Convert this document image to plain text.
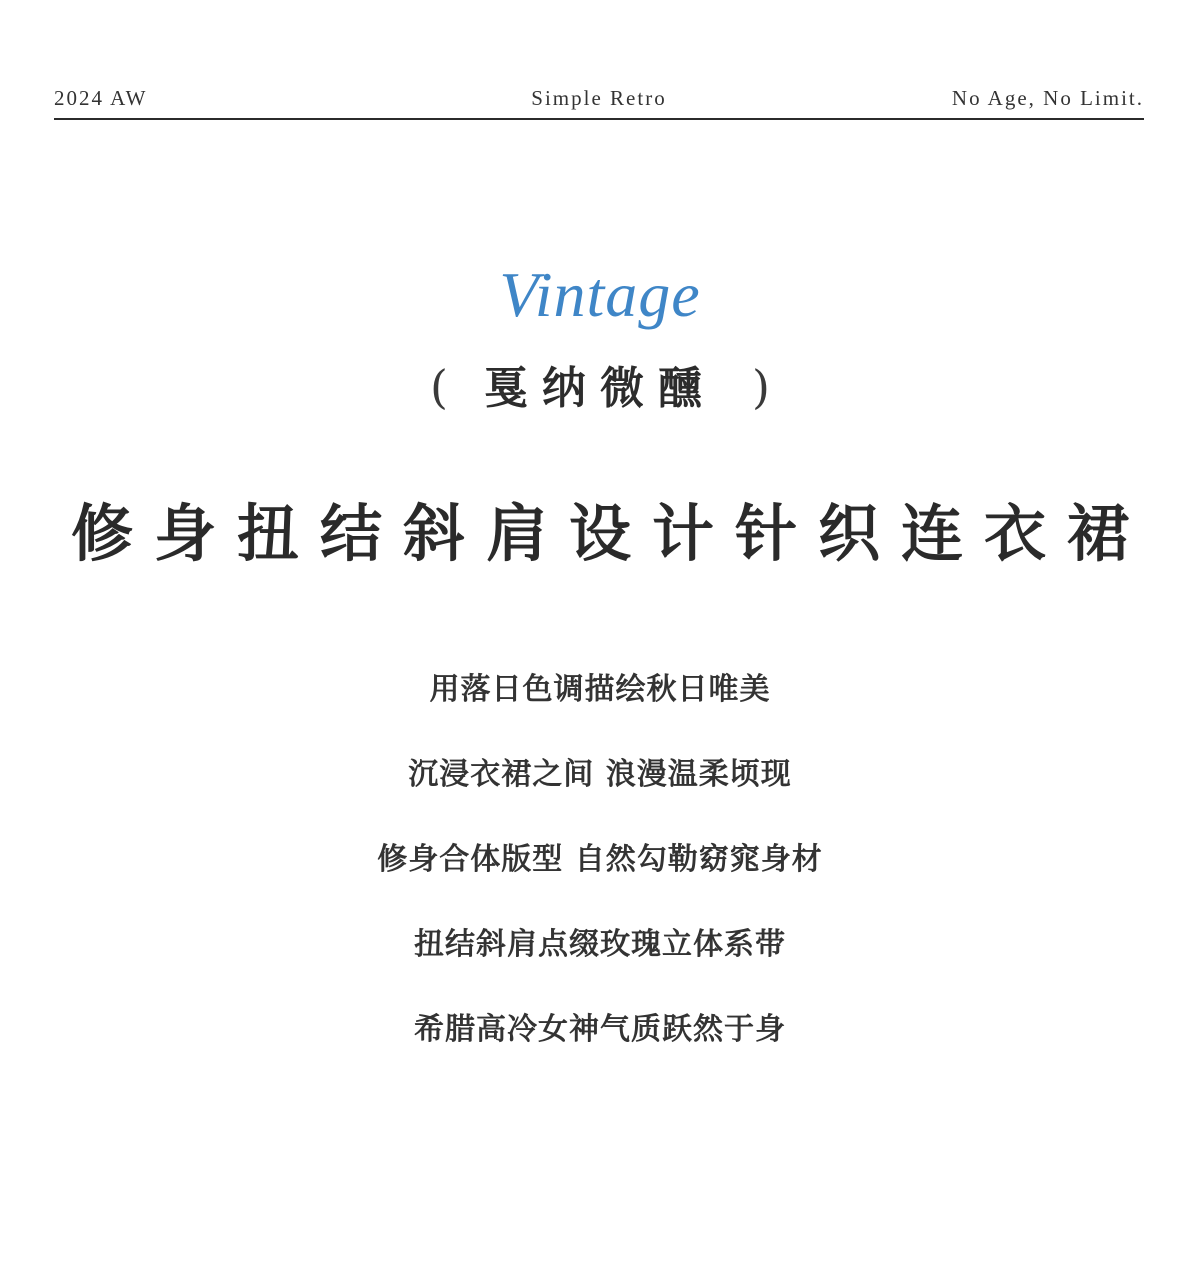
2024 AW	Simple Retro	No Age, No Limit.
Vintage
( 戛纳微醺 )
修身扭结斜肩设计针织连衣裙
用落日色调描绘秋日唯美
沉浸衣裙之间 浪漫温柔顷现
修身合体版型 自然勾勒窈窕身材
扭结斜肩点缀玫瑰立体系带
希腊高冷女神气质跃然于身
